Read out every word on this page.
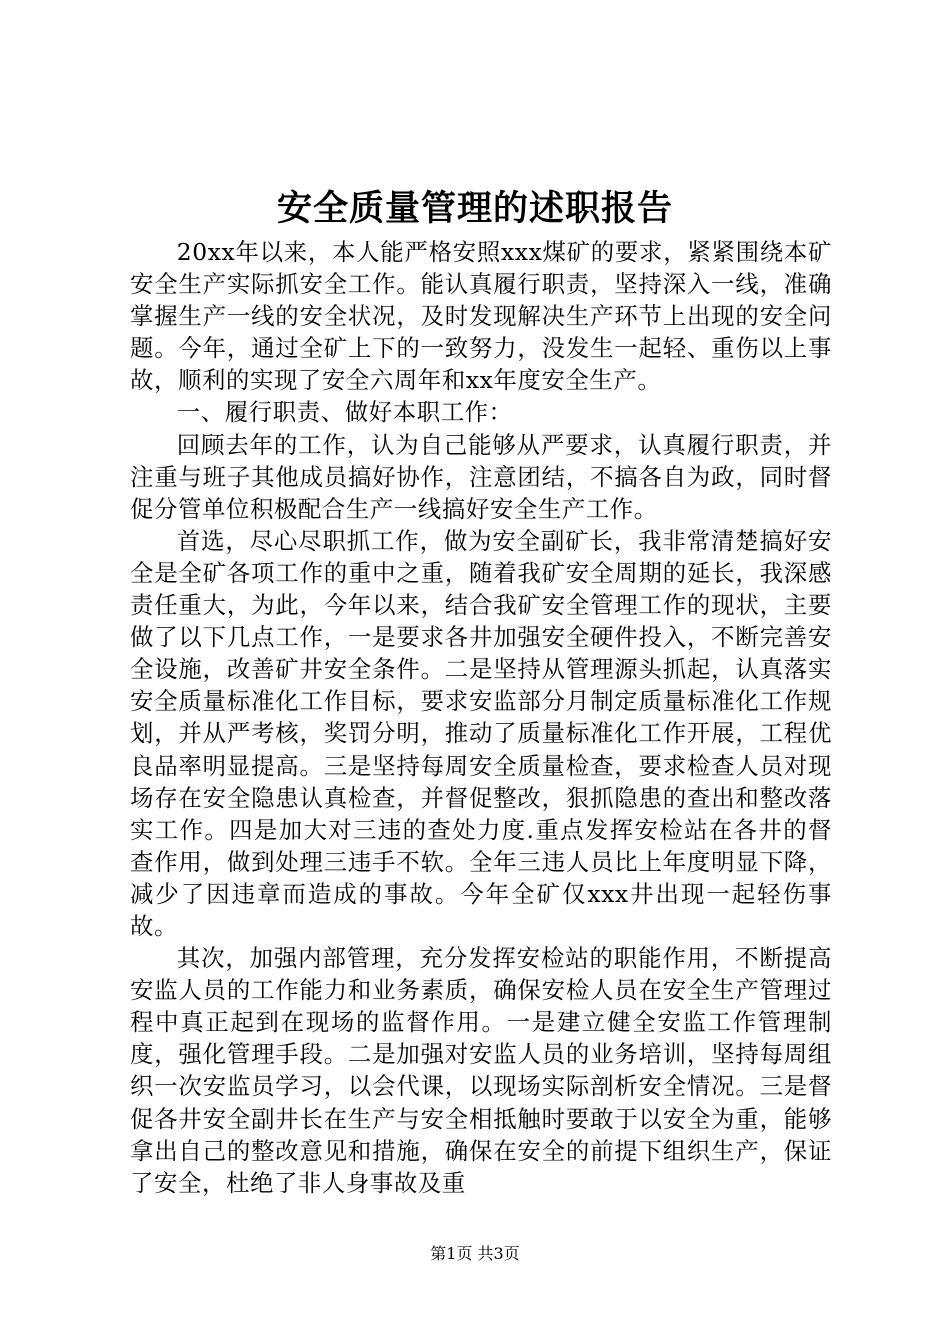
安全质量管理的述职报告

20xx年以来，本人能严格安照xxx煤矿的要求，紧紧围绕本矿安全生产实际抓安全工作。能认真履行职责，坚持深入一线，准确掌握生产一线的安全状况，及时发现解决生产环节上出现的安全问题。今年，通过全矿上下的一致努力，没发生一起轻、重伤以上事故，顺利的实现了安全六周年和xx年度安全生产。

一、履行职责、做好本职工作：

回顾去年的工作，认为自己能够从严要求，认真履行职责，并注重与班子其他成员搞好协作，注意团结，不搞各自为政，同时督促分管单位积极配合生产一线搞好安全生产工作。

首选，尽心尽职抓工作，做为安全副矿长，我非常清楚搞好安全是全矿各项工作的重中之重，随着我矿安全周期的延长，我深感责任重大，为此，今年以来，结合我矿安全管理工作的现状，主要做了以下几点工作，一是要求各井加强安全硬件投入，不断完善安全设施，改善矿井安全条件。二是坚持从管理源头抓起，认真落实安全质量标准化工作目标，要求安监部分月制定质量标准化工作规划，并从严考核，奖罚分明，推动了质量标准化工作开展，工程优良品率明显提高。三是坚持每周安全质量检查，要求检查人员对现场存在安全隐患认真检查，并督促整改，狠抓隐患的查出和整改落实工作。四是加大对三违的查处力度.重点发挥安检站在各井的督查作用，做到处理三违手不软。全年三违人员比上年度明显下降，减少了因违章而造成的事故。今年全矿仅xxx井出现一起轻伤事故。

其次，加强内部管理，充分发挥安检站的职能作用，不断提高安监人员的工作能力和业务素质，确保安检人员在安全生产管理过程中真正起到在现场的监督作用。一是建立健全安监工作管理制度，强化管理手段。二是加强对安监人员的业务培训，坚持每周组织一次安监员学习，以会代课，以现场实际剖析安全情况。三是督促各井安全副井长在生产与安全相抵触时要敢于以安全为重，能够拿出自己的整改意见和措施，确保在安全的前提下组织生产，保证了安全，杜绝了非人身事故及重

第1页 共3页
